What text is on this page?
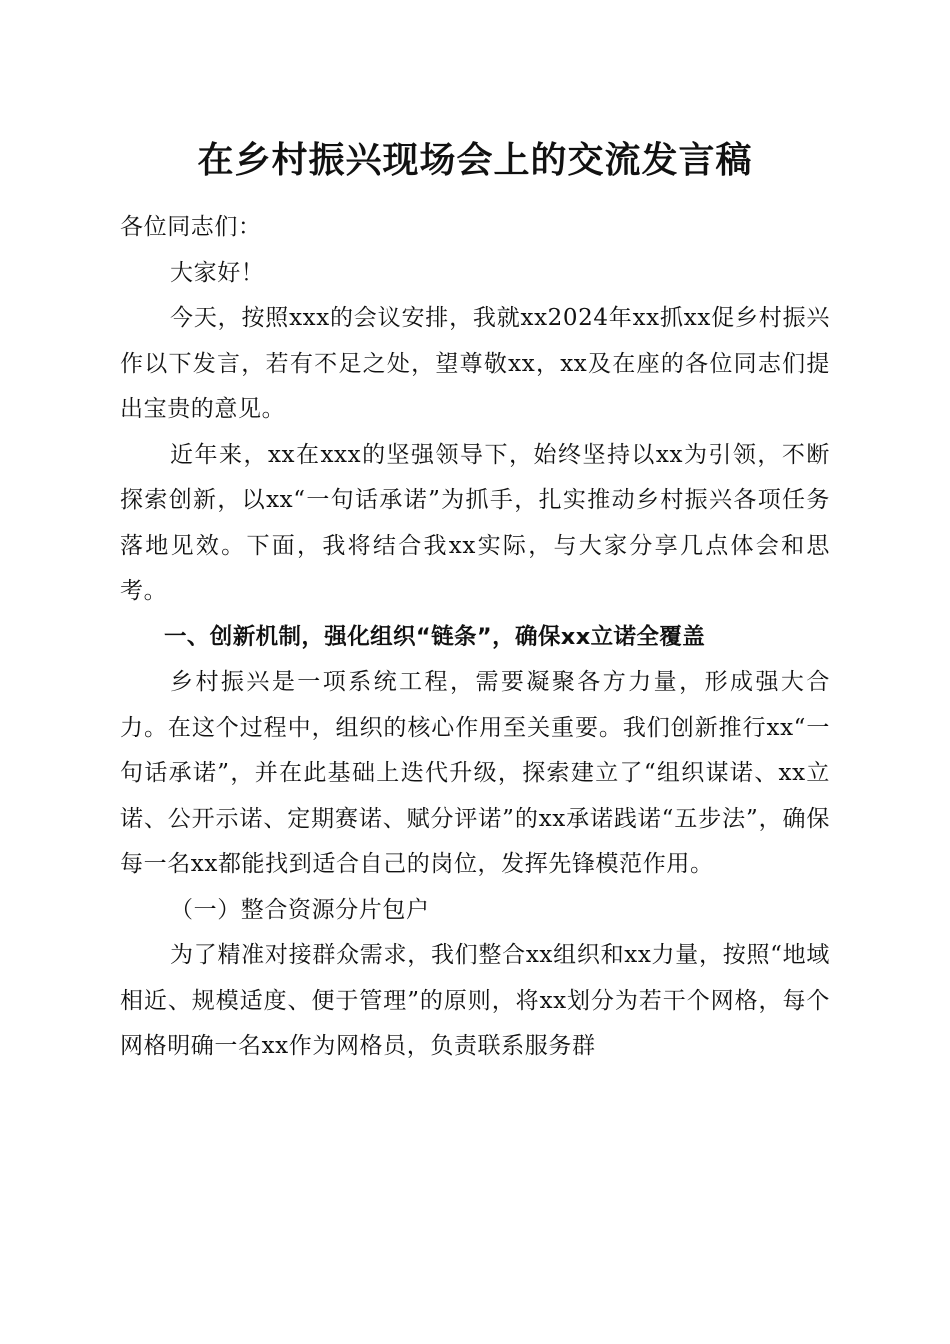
在乡村振兴现场会上的交流发言稿

各位同志们：

大家好！

今天，按照xxx的会议安排，我就xx2024年xx抓xx促乡村振兴作以下发言，若有不足之处，望尊敬xx，xx及在座的各位同志们提出宝贵的意见。

近年来，xx在xxx的坚强领导下，始终坚持以xx为引领，不断探索创新，以xx“一句话承诺”为抓手，扎实推动乡村振兴各项任务落地见效。下面，我将结合我xx实际，与大家分享几点体会和思考。

一、创新机制，强化组织“链条”，确保xx立诺全覆盖

乡村振兴是一项系统工程，需要凝聚各方力量，形成强大合力。在这个过程中，组织的核心作用至关重要。我们创新推行xx“一句话承诺”，并在此基础上迭代升级，探索建立了“组织谋诺、xx立诺、公开示诺、定期赛诺、赋分评诺”的xx承诺践诺“五步法”，确保每一名xx都能找到适合自己的岗位，发挥先锋模范作用。

（一）整合资源分片包户

为了精准对接群众需求，我们整合xx组织和xx力量，按照“地域相近、规模适度、便于管理”的原则，将xx划分为若干个网格，每个网格明确一名xx作为网格员，负责联系服务群
